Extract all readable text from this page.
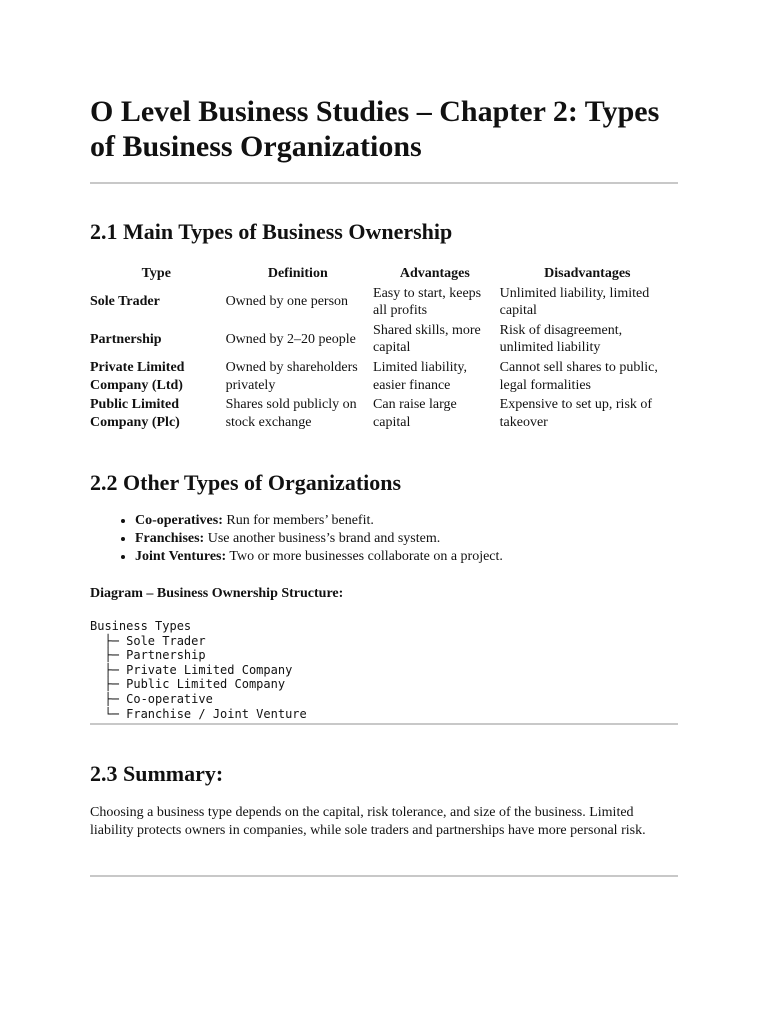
O Level Business Studies – Chapter 2: Types of Business Organizations
2.1 Main Types of Business Ownership
Type	Definition	Advantages	Disadvantages
Sole Trader	Owned by one person	Easy to start, keeps all profits	Unlimited liability, limited capital
Partnership	Owned by 2–20 people	Shared skills, more capital	Risk of disagreement, unlimited liability
Private Limited Company (Ltd)	Owned by shareholders privately	Limited liability, easier finance	Cannot sell shares to public, legal formalities
Public Limited Company (Plc)	Shares sold publicly on stock exchange	Can raise large capital	Expensive to set up, risk of takeover
2.2 Other Types of Organizations
• Co-operatives: Run for members’ benefit.
• Franchises: Use another business’s brand and system.
• Joint Ventures: Two or more businesses collaborate on a project.

Diagram – Business Ownership Structure:

Business Types
├─ Sole Trader
├─ Partnership
├─ Private Limited Company
├─ Public Limited Company
├─ Co-operative
└─ Franchise / Joint Venture
2.3 Summary:

Choosing a business type depends on the capital, risk tolerance, and size of the business. Limited liability protects owners in companies, while sole traders and partnerships have more personal risk.
